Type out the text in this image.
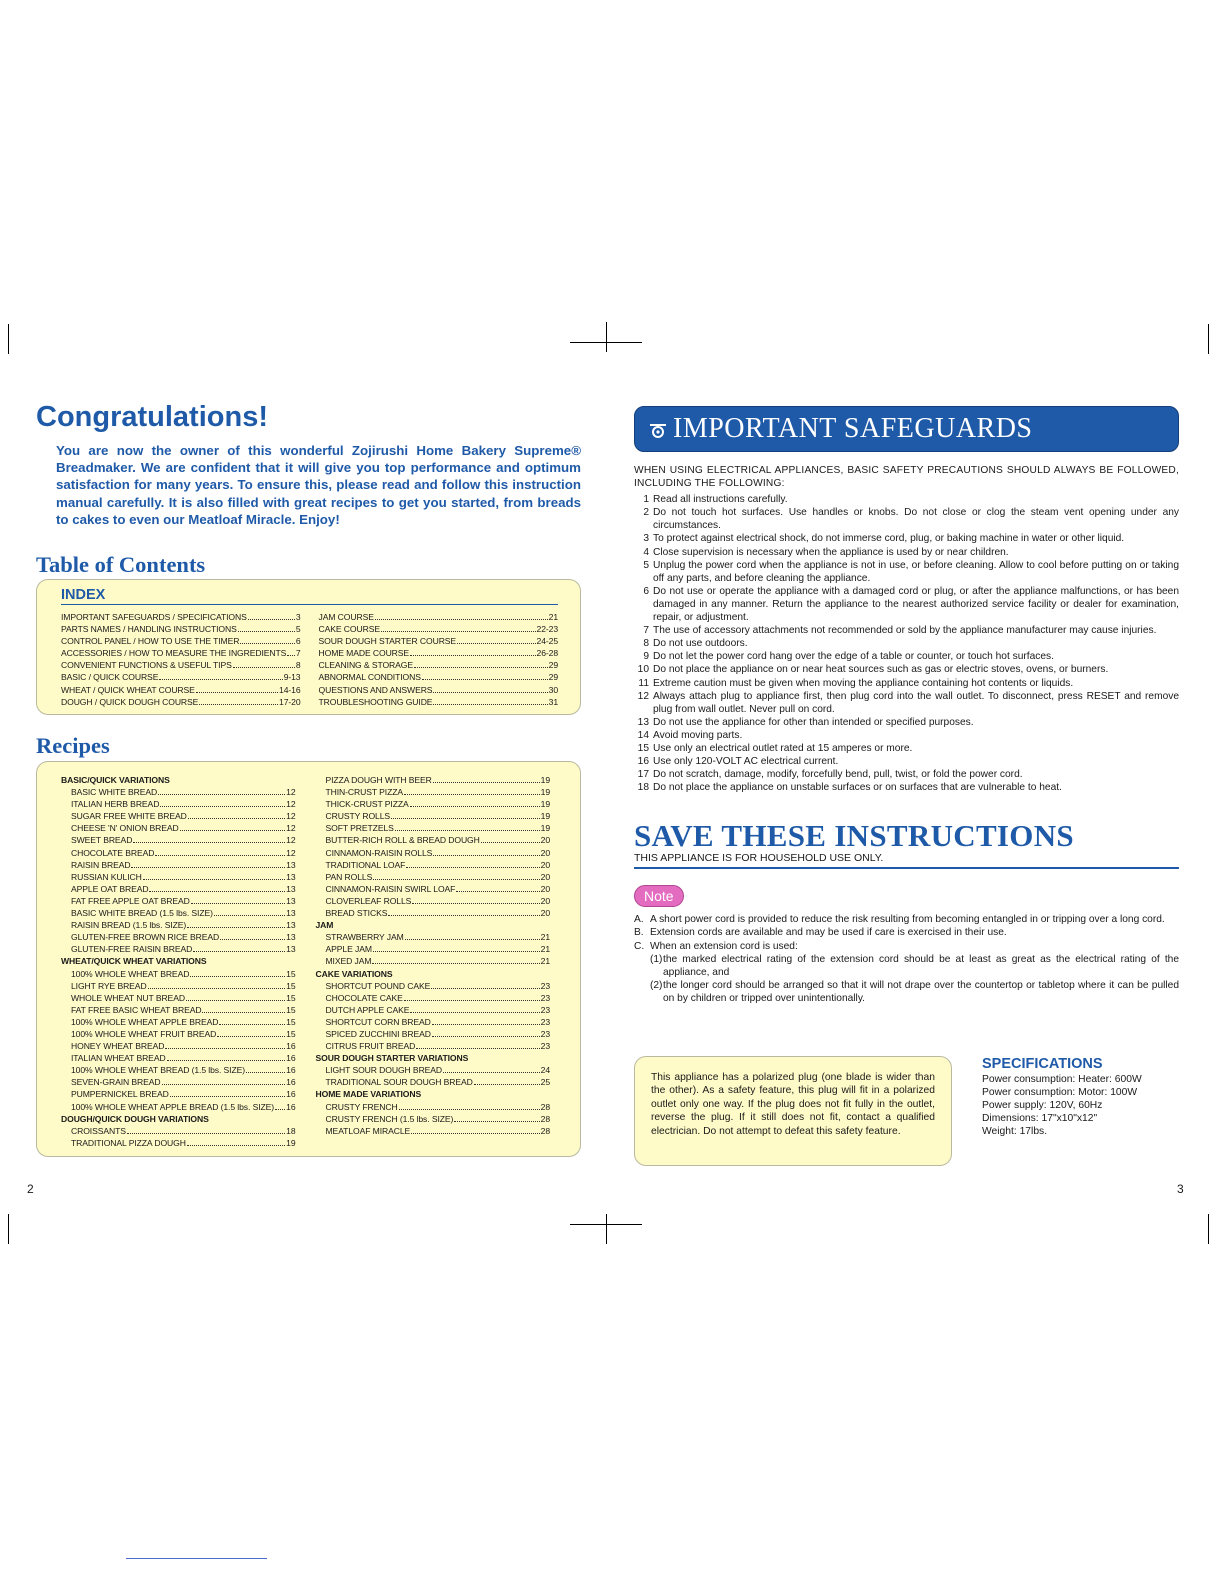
Congratulations!

You are now the owner of this wonderful Zojirushi Home Bakery Supreme® Breadmaker. We are confident that it will give you top performance and optimum satisfaction for many years. To ensure this, please read and follow this instruction manual carefully. It is also filled with great recipes to get you started, from breads to cakes to even our Meatloaf Miracle. Enjoy!

Table of Contents
INDEX
IMPORTANT SAFEGUARDS / SPECIFICATIONS	3
PARTS NAMES / HANDLING INSTRUCTIONS	5
CONTROL PANEL / HOW TO USE THE TIMER	6
ACCESSORIES / HOW TO MEASURE THE INGREDIENTS 7
CONVENIENT FUNCTIONS & USEFUL TIPS	8
BASIC / QUICK COURSE	9-13
WHEAT / QUICK WHEAT COURSE	14-16
DOUGH / QUICK DOUGH COURSE	17-20
JAM COURSE	21
CAKE COURSE	22-23
SOUR DOUGH STARTER COURSE	24-25
HOME MADE COURSE	26-28
CLEANING & STORAGE	29
ABNORMAL CONDITIONS	29
QUESTIONS AND ANSWERS	30
TROUBLESHOOTING GUIDE	31
Recipes
BASIC/QUICK VARIATIONS
BASIC WHITE BREAD	12
ITALIAN HERB BREAD	12
SUGAR FREE WHITE BREAD	12
CHEESE 'N' ONION BREAD	12
SWEET BREAD	12
CHOCOLATE BREAD	12
RAISIN BREAD	13
RUSSIAN KULICH	13
APPLE OAT BREAD	13
FAT FREE APPLE OAT BREAD	13
BASIC WHITE BREAD (1.5 lbs. SIZE)	13
RAISIN BREAD (1.5 lbs. SIZE)	13
GLUTEN-FREE BROWN RICE BREAD	13
GLUTEN-FREE RAISIN BREAD	13
WHEAT/QUICK WHEAT VARIATIONS
100% WHOLE WHEAT BREAD	15
LIGHT RYE BREAD	15
WHOLE WHEAT NUT BREAD	15
FAT FREE BASIC WHEAT BREAD	15
100% WHOLE WHEAT APPLE BREAD	15
100% WHOLE WHEAT FRUIT BREAD	15
HONEY WHEAT BREAD	16
ITALIAN WHEAT BREAD	16
100% WHOLE WHEAT BREAD (1.5 lbs. SIZE)	16
SEVEN-GRAIN BREAD	16
PUMPERNICKEL BREAD	16
100% WHOLE WHEAT APPLE BREAD (1.5 lbs. SIZE) 16
DOUGH/QUICK DOUGH VARIATIONS
CROISSANTS	18
TRADITIONAL PIZZA DOUGH	19
PIZZA DOUGH WITH BEER	19
THIN-CRUST PIZZA	19
THICK-CRUST PIZZA	19
CRUSTY ROLLS	19
SOFT PRETZELS	19
BUTTER-RICH ROLL & BREAD DOUGH	20
CINNAMON-RAISIN ROLLS	20
TRADITIONAL LOAF	20
PAN ROLLS	20
CINNAMON-RAISIN SWIRL LOAF	20
CLOVERLEAF ROLLS	20
BREAD STICKS	20
JAM
STRAWBERRY JAM	21
APPLE JAM	21
MIXED JAM	21
CAKE VARIATIONS
SHORTCUT POUND CAKE	23
CHOCOLATE CAKE	23
DUTCH APPLE CAKE	23
SHORTCUT CORN BREAD	23
SPICED ZUCCHINI BREAD	23
CITRUS FRUIT BREAD	23
SOUR DOUGH STARTER VARIATIONS
LIGHT SOUR DOUGH BREAD	24
TRADITIONAL SOUR DOUGH BREAD	25
HOME MADE VARIATIONS
CRUSTY FRENCH	28
CRUSTY FRENCH (1.5 lbs. SIZE)	28
MEATLOAF MIRACLE	28
2
IMPORTANT SAFEGUARDS
WHEN USING ELECTRICAL APPLIANCES, BASIC SAFETY PRECAUTIONS SHOULD ALWAYS BE FOLLOWED, INCLUDING THE FOLLOWING:
1 Read all instructions carefully.
2 Do not touch hot surfaces. Use handles or knobs. Do not close or clog the steam vent opening under any circumstances.
3 To protect against electrical shock, do not immerse cord, plug, or baking machine in water or other liquid.
4 Close supervision is necessary when the appliance is used by or near children.
5 Unplug the power cord when the appliance is not in use, or before cleaning. Allow to cool before putting on or taking off any parts, and before cleaning the appliance.
6 Do not use or operate the appliance with a damaged cord or plug, or after the appliance malfunctions, or has been damaged in any manner. Return the appliance to the nearest authorized service facility or dealer for examination, repair, or adjustment.
7 The use of accessory attachments not recommended or sold by the appliance manufacturer may cause injuries.
8 Do not use outdoors.
9 Do not let the power cord hang over the edge of a table or counter, or touch hot surfaces.
10 Do not place the appliance on or near heat sources such as gas or electric stoves, ovens, or burners.
11 Extreme caution must be given when moving the appliance containing hot contents or liquids.
12 Always attach plug to appliance first, then plug cord into the wall outlet. To disconnect, press RESET and remove plug from wall outlet. Never pull on cord.
13 Do not use the appliance for other than intended or specified purposes.
14 Avoid moving parts.
15 Use only an electrical outlet rated at 15 amperes or more.
16 Use only 120-VOLT AC electrical current.
17 Do not scratch, damage, modify, forcefully bend, pull, twist, or fold the power cord.
18 Do not place the appliance on unstable surfaces or on surfaces that are vulnerable to heat.
SAVE THESE INSTRUCTIONS
THIS APPLIANCE IS FOR HOUSEHOLD USE ONLY.
Note
A. A short power cord is provided to reduce the risk resulting from becoming entangled in or tripping over a long cord.
B. Extension cords are available and may be used if care is exercised in their use.
C. When an extension cord is used:
(1) the marked electrical rating of the extension cord should be at least as great as the electrical rating of the appliance, and
(2) the longer cord should be arranged so that it will not drape over the countertop or tabletop where it can be pulled on by children or tripped over unintentionally.
This appliance has a polarized plug (one blade is wider than the other). As a safety feature, this plug will fit in a polarized outlet only one way. If the plug does not fit fully in the outlet, reverse the plug. If it still does not fit, contact a qualified electrician. Do not attempt to defeat this safety feature.
SPECIFICATIONS
Power consumption: Heater: 600W
Power consumption: Motor: 100W
Power supply: 120V, 60Hz
Dimensions: 17"x10"x12"
Weight: 17lbs.
3
